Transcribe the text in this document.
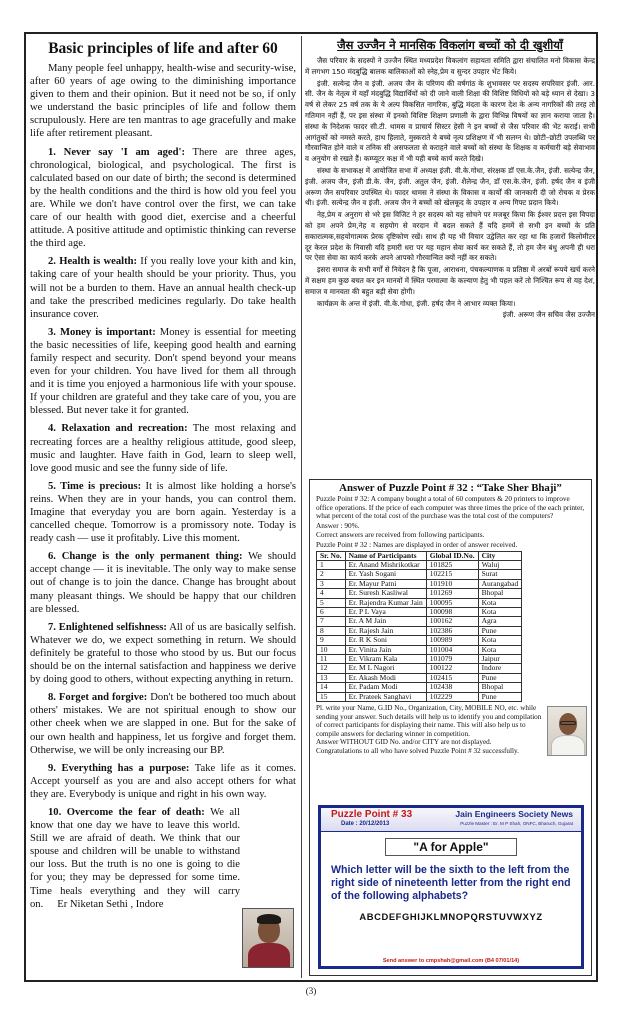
Basic principles of life and after 60

Many people feel unhappy, health-wise and security-wise, after 60 years of age owing to the diminishing importance given to them and their opinion. But it need not be so, if only we understand the basic principles of life and follow them scrupulously. Here are ten mantras to age gracefully and make life after retirement pleasant.

1. Never say 'I am aged': There are three ages, chronological, biological, and psychological. The first is calculated based on our date of birth; the second is determined by the health conditions and the third is how old you feel you are. While we don't have control over the first, we can take care of our health with good diet, exercise and a cheerful attitude. A positive attitude and optimistic thinking can reverse the third age.

2. Health is wealth: If you really love your kith and kin, taking care of your health should be your priority. Thus, you will not be a burden to them. Have an annual health check-up and take the prescribed medicines regularly. Do take health insurance cover.

3. Money is important: Money is essential for meeting the basic necessities of life, keeping good health and earning family respect and security. Don't spend beyond your means even for your children. You have lived for them all through and it is time you enjoyed a harmonious life with your spouse. If your children are grateful and they take care of you, you are blessed. But never take it for granted.

4. Relaxation and recreation: The most relaxing and recreating forces are a healthy religious attitude, good sleep, music and laughter. Have faith in God, learn to sleep well, love good music and see the funny side of life.

5. Time is precious: It is almost like holding a horse's reins. When they are in your hands, you can control them. Imagine that everyday you are born again. Yesterday is a cancelled cheque. Tomorrow is a promissory note. Today is ready cash — use it profitably. Live this moment.

6. Change is the only permanent thing: We should accept change — it is inevitable. The only way to make sense out of change is to join the dance. Change has brought about many pleasant things. We should be happy that our children are blessed.

7. Enlightened selfishness: All of us are basically selfish. Whatever we do, we expect something in return. We should definitely be grateful to those who stood by us. But our focus should be on the internal satisfaction and happiness we derive by doing good to others, without expecting anything in return.

8. Forget and forgive: Don't be bothered too much about others' mistakes. We are not spiritual enough to show our other cheek when we are slapped in one. But for the sake of our own health and happiness, let us forgive and forget them. Otherwise, we will be only increasing our BP.

9. Everything has a purpose: Take life as it comes. Accept yourself as you are and also accept others for what they are. Everybody is unique and right in his own way.

10. Overcome the fear of death: We all know that one day we have to leave this world. Still we are afraid of death. We think that our spouse and children will be unable to withstand our loss. But the truth is no one is going to die for you; they may be depressed for some time. Time heals everything and they will carry on. Er Niketan Sethi , Indore

जैस उज्जैन ने मानसिक विकलांग बच्चों को दी खुशीयाँ

जैस परिवार के सदस्यों ने उज्जैन स्थित मध्यप्रदेश विकलांग सहायता समिति द्वारा संचालित मनो विकास केन्द्र में लगभग 150 मंदबुद्धि बालक बालिकाओं को स्नेह,प्रेम व सुन्दर उपहार भेंट किये।

इंजी. सत्येन्द्र जैन व इंजी. अजय जैन के परिणय की वर्षगांठ के शुभावसर पर सदस्य सपरिवार इंजी. आर. सी. जैन के नेतृत्व में यहाँ मंदबुद्धि विद्यार्थियों को दी जाने वाली शिक्षा की विशिष्ट विधियों को बड़े ध्यान से देखा। 3 वर्ष से लेकर 25 वर्ष तक के ये अल्प विकसित नागरिक, बुद्धि मंदता के कारण देश के अन्य नागरिकों की तरह तो गतिमान नहीं हैं, पर इस संस्था में इनको विशिष्ट शिक्षण प्रणाली के द्वारा विभिन्न विषयों का ज्ञान कराया जाता है। संस्था के निदेशक फादर सी.टी. थामस व प्राचार्य सिस्टर हेसी ने इन बच्चों से जैस परिवार की भेंट कराई। सभी आगंतुकों को नमस्ते करते, हाथ हिलाते, मुस्कराते ये बच्चे नृत्य प्रशिक्षण में भी सलग्न थे। छोटी–छोटी उपलब्धि पर गौरवान्वित होने वाले व तनिक सी असफलता से कराहने वाले बच्चों को संस्था के शिक्षक व कर्मचारी बड़े सेवाभाव व अनुयोग से रखते हैं। कम्प्यूटर कक्ष में भी यही बच्चे कार्य करते दिखे।

संस्था के सभाकक्ष में आयोजित सभा में अध्यक्ष इंजी. वी.के.गोधा, संरक्षक डॉ एस.के.जैन, इंजी. सत्येन्द्र जैन, इंजी. अजय जैन, इंजी डी.के. जैन, इंजी. अतुल जैन, इंजी. शैलेन्द्र जैन, डॉ एस.के.जैन, इंजी. हर्षद जैन व इंजी अरूण जैन सपरिवार उपस्थित थे। फादर थामस ने संस्था के विकास व कार्यों की जानकारी दी जो रोचक व प्रेरक थी। इंजी. सत्येन्द्र जैन व इंजी. अजय जैन ने बच्चों को खेलकूद के उपहार व अन्य गिफ्ट प्रदान किये।

नेह,प्रेम व अनुराग से भरे इस विजिट ने हर सदस्य को यह सोचने पर मजबूर किया कि ईश्वर प्रदत्त इस विपदा को हम अपने प्रेम,नेह व सहयोग से वरदान में बदल सकते हैं यदि हममें से सभी इन बच्चों के प्रति सकारात्मक,सहयोगात्मक प्रेरक दृष्टिकोण रखें। साथ ही यह भी विचार उद्वेलित कर रहा था कि हजारों किलोमीटर दूर केरल प्रदेश के निवासी यदि हमारी धरा पर यह महान सेवा कार्य कर सकते हैं, तो हम जैन बंधु अपनी ही धरा पर ऐसा सेवा का कार्य करके अपने आपको गौरवान्वित क्यों नहीं कर सकते।

इसरा समाज के सभी वर्गों से निवेदन है कि पूजा, आराधना, पंचकल्याणक व प्रतिष्ठा में अरबों रूपये खर्च करने में सक्षम हम कुछ बचत कर इन मानवों में स्थित परमात्मा के कल्याण हेतु भी पहल करें तो निश्चित रूप से यह देश, समाज व मानवता की बहुत बड़ी सेवा होगी।

कार्यक्रम के अन्त में इंजी. वी.के.गोधा, इंजी. हर्षद जैन ने आभार व्यक्त किया।

इंजी. अरूण जैन सचिव जैस उज्जैन
Answer of Puzzle Point # 32 : “Take Sher Bhaji”
Puzzle Point # 32: A company bought a total of 60 computers & 20 printers to improve office operations. If the price of each computer was three times the price of the each printer, what percent of the total cost of the purchase was the total cost of the computers?
Answer : 90%.
Correct answers are received from following participants.
Puzzle Point # 32 : Names are displayed in order of answer received.
Sr. No.	Name of Participants	Global ID.No.	City
1	Er. Anand Mishrikotkar	101825	Waluj
2	Er. Yash Sogani	102215	Surat
3	Er. Mayur Patni	101910	Aurangabad
4	Er. Suresh Kasliwal	101269	Bhopal
5	Er. Rajendra Kumar Jain	100095	Kota
6	Er. P L Vaya	100098	Kota
7	Er. A M Jain	100162	Agra
8	Er. Rajesh Jain	102386	Pune
9	Er. R K Soni	100989	Kota
10	Er. Vinita Jain	101004	Kota
11	Er. Vikram Kala	101079	Jaipur
12	Er. M L Nagori	100122	Indore
13	Er. Akash Modi	102415	Pune
14	Er. Padam Modi	102438	Bhopal
15	Er. Prateek Sanghavi	102229	Pune
Pl. write your Name, G.ID No., Organization, City, MOBILE NO, etc. while sending your answer. Such details will help us to identify you and compilation of correct participants for displaying their name. This will also help us to compile answers for declaring winner in competition.
Answer WITHOUT GID No. and/or CITY are not displayed.
Congratulations to all who have solved Puzzle Point # 32 successfully.
Puzzle Point # 33
Date : 20/12/2013
Jain Engineers Society News
Puzzle Master : Er. M P Shah, ONFC, Bharuch, Gujarat
"A for Apple"
Which letter will be the sixth to the left from the right side of nineteenth letter from the right end of the following alphabets?
ABCDEFGHIJKLMNOPQRSTUVWXYZ
Send answer to cmpshah@gmail.com (B4 07/01/14)
(3)
